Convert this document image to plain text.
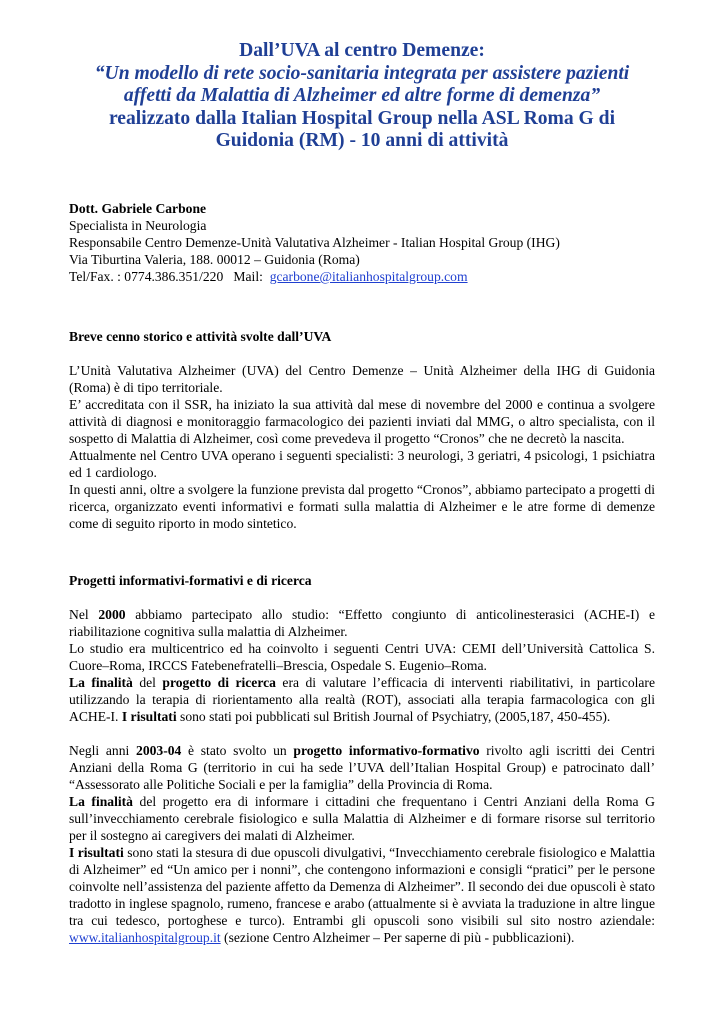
Dall’UVA al centro Demenze:
“Un modello di rete socio-sanitaria integrata per assistere pazienti affetti da Malattia di Alzheimer ed altre forme di demenza”
realizzato dalla Italian Hospital Group nella ASL Roma G di Guidonia (RM) - 10 anni di attività
Dott. Gabriele Carbone
Specialista in Neurologia
Responsabile Centro Demenze-Unità Valutativa Alzheimer - Italian Hospital Group (IHG)
Via Tiburtina Valeria, 188. 00012 – Guidonia (Roma)
Tel/Fax. : 0774.386.351/220   Mail:  gcarbone@italianhospitalgroup.com
Breve cenno storico e attività svolte dall’UVA

L’Unità Valutativa Alzheimer (UVA) del Centro Demenze – Unità Alzheimer della IHG di Guidonia (Roma) è di tipo territoriale.

E’ accreditata con il SSR, ha iniziato la sua attività dal mese di novembre del 2000 e continua a svolgere attività di diagnosi e monitoraggio farmacologico dei pazienti inviati dal MMG, o altro specialista, con il sospetto di Malattia di Alzheimer, così come prevedeva il progetto “Cronos” che ne decretò la nascita.

Attualmente nel Centro UVA operano i seguenti specialisti: 3 neurologi, 3 geriatri, 4 psicologi, 1 psichiatra ed 1 cardiologo.

In questi anni, oltre a svolgere la funzione prevista dal progetto “Cronos”, abbiamo partecipato a progetti di ricerca, organizzato eventi informativi e formati sulla malattia di Alzheimer e le atre forme di demenze come di seguito riporto in modo sintetico.

Progetti informativi-formativi e di ricerca

Nel 2000 abbiamo partecipato allo studio: “Effetto congiunto di anticolinesterasici (ACHE-I) e riabilitazione cognitiva sulla malattia di Alzheimer.

Lo studio era multicentrico ed ha coinvolto i seguenti Centri UVA: CEMI dell’Università Cattolica S. Cuore–Roma, IRCCS Fatebenefratelli–Brescia, Ospedale S. Eugenio–Roma.

La finalità del progetto di ricerca era di valutare l’efficacia di interventi riabilitativi, in particolare utilizzando la terapia di riorientamento alla realtà (ROT), associati alla terapia farmacologica con gli ACHE-I. I risultati sono stati poi pubblicati sul British Journal of Psychiatry, (2005,187, 450-455).

Negli anni 2003-04 è stato svolto un progetto informativo-formativo rivolto agli iscritti dei Centri Anziani della Roma G (territorio in cui ha sede l’UVA dell’Italian Hospital Group) e patrocinato dall’ “Assessorato alle Politiche Sociali e per la famiglia” della Provincia di Roma.

La finalità del progetto era di informare i cittadini che frequentano i Centri Anziani della Roma G sull’invecchiamento cerebrale fisiologico e sulla Malattia di Alzheimer e di formare risorse sul territorio per il sostegno ai caregivers dei malati di Alzheimer.

I risultati sono stati la stesura di due opuscoli divulgativi, “Invecchiamento cerebrale fisiologico e Malattia di Alzheimer” ed “Un amico per i nonni”, che contengono informazioni e consigli “pratici” per le persone coinvolte nell’assistenza del paziente affetto da Demenza di Alzheimer”. Il secondo dei due opuscoli è stato tradotto in inglese spagnolo, rumeno, francese e arabo (attualmente si è avviata la traduzione in altre lingue tra cui tedesco, portoghese e turco). Entrambi gli opuscoli sono visibili sul sito nostro aziendale: www.italianhospitalgroup.it (sezione Centro Alzheimer – Per saperne di più - pubblicazioni).
